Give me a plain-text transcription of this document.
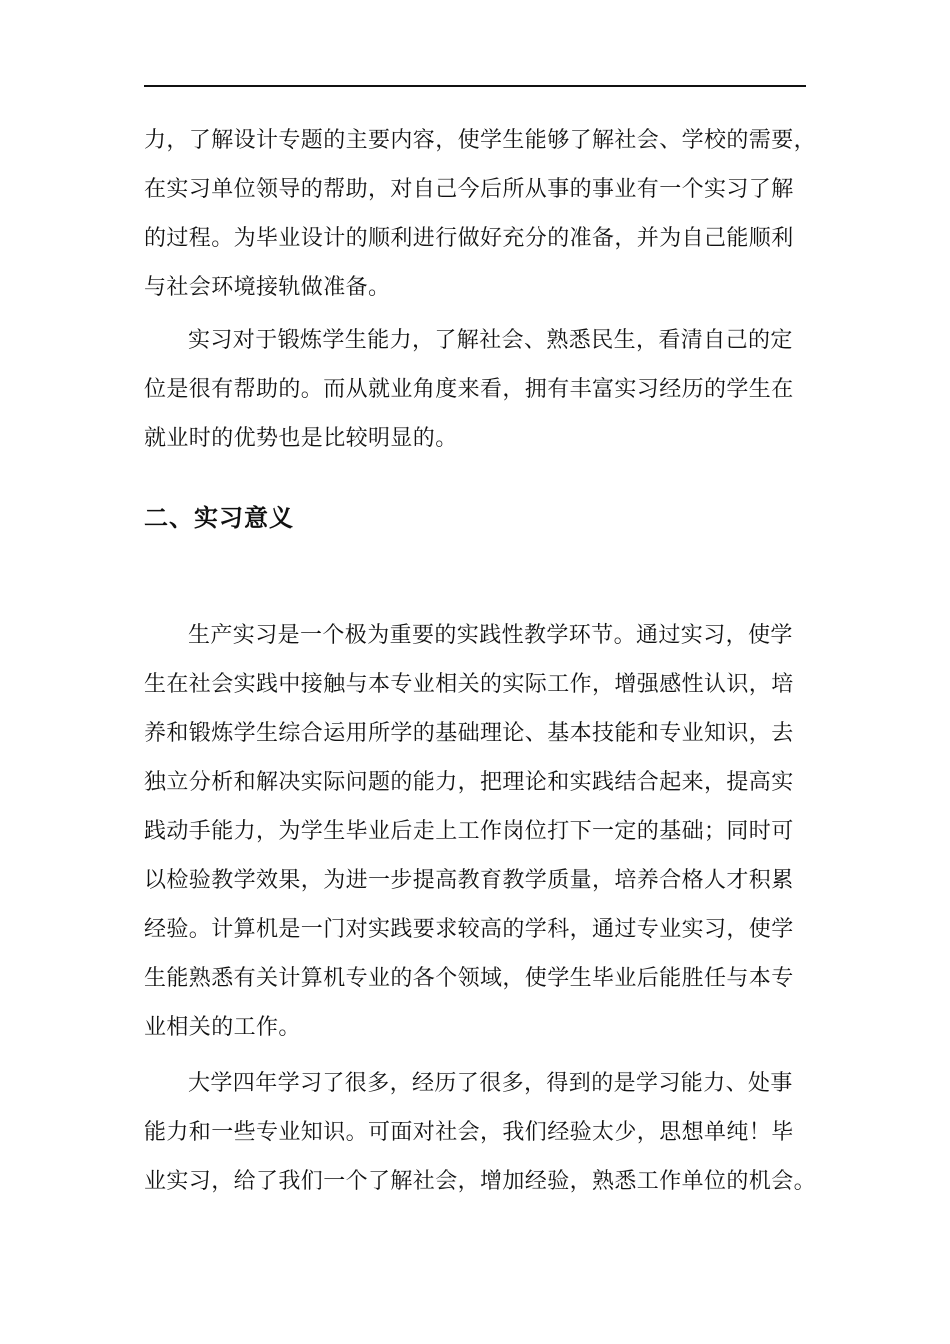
力，了解设计专题的主要内容，使学生能够了解社会、学校的需要，
在实习单位领导的帮助，对自己今后所从事的事业有一个实习了解
的过程。为毕业设计的顺利进行做好充分的准备，并为自己能顺利
与社会环境接轨做准备。
实习对于锻炼学生能力，了解社会、熟悉民生，看清自己的定
位是很有帮助的。而从就业角度来看，拥有丰富实习经历的学生在
就业时的优势也是比较明显的。
二、实习意义
生产实习是一个极为重要的实践性教学环节。通过实习，使学
生在社会实践中接触与本专业相关的实际工作，增强感性认识，培
养和锻炼学生综合运用所学的基础理论、基本技能和专业知识，去
独立分析和解决实际问题的能力，把理论和实践结合起来，提高实
践动手能力，为学生毕业后走上工作岗位打下一定的基础；同时可
以检验教学效果，为进一步提高教育教学质量，培养合格人才积累
经验。计算机是一门对实践要求较高的学科，通过专业实习，使学
生能熟悉有关计算机专业的各个领域，使学生毕业后能胜任与本专
业相关的工作。
大学四年学习了很多，经历了很多，得到的是学习能力、处事
能力和一些专业知识。可面对社会，我们经验太少，思想单纯！毕
业实习，给了我们一个了解社会，增加经验，熟悉工作单位的机会。
